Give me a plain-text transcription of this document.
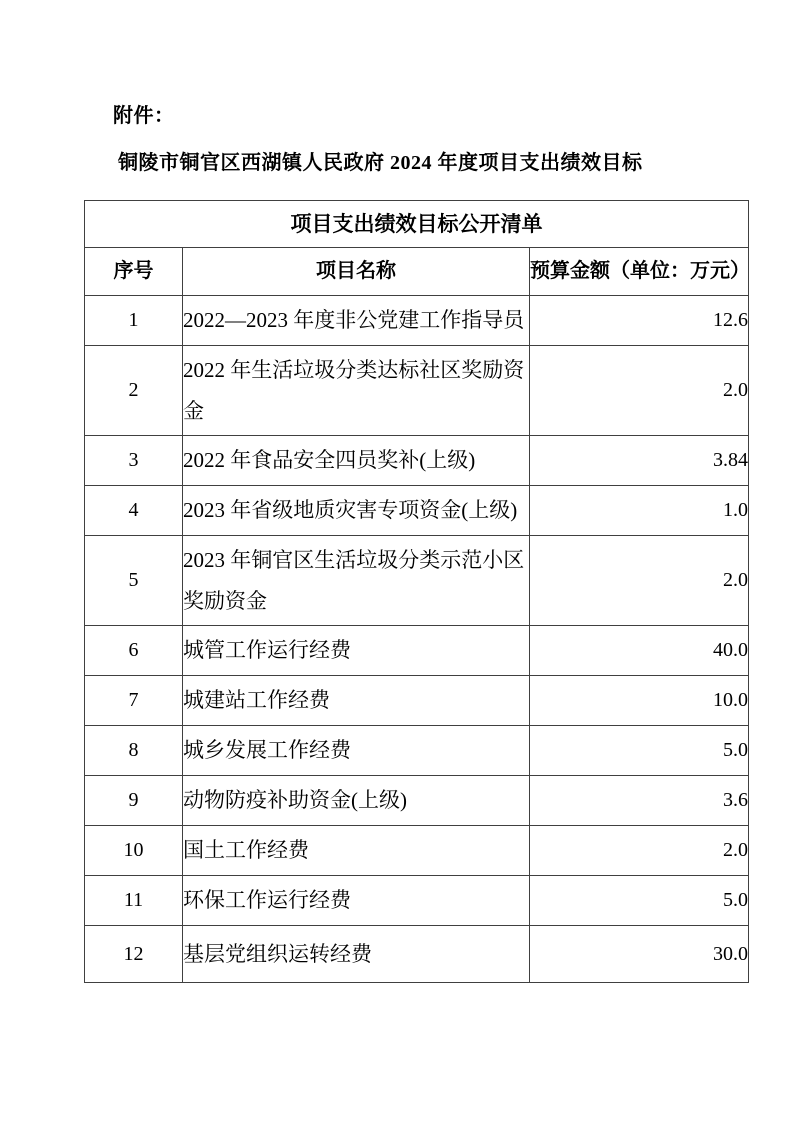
附件：
铜陵市铜官区西湖镇人民政府 2024 年度项目支出绩效目标
项目支出绩效目标公开清单		
序号	项目名称	预算金额（单位：万元）
1	2022—2023 年度非公党建工作指导员	12.6
2	2022 年生活垃圾分类达标社区奖励资金	2.0
3	2022 年食品安全四员奖补(上级)	3.84
4	2023 年省级地质灾害专项资金(上级)	1.0
5	2023 年铜官区生活垃圾分类示范小区奖励资金	2.0
6	城管工作运行经费	40.0
7	城建站工作经费	10.0
8	城乡发展工作经费	5.0
9	动物防疫补助资金(上级)	3.6
10	国土工作经费	2.0
11	环保工作运行经费	5.0
12	基层党组织运转经费	30.0
